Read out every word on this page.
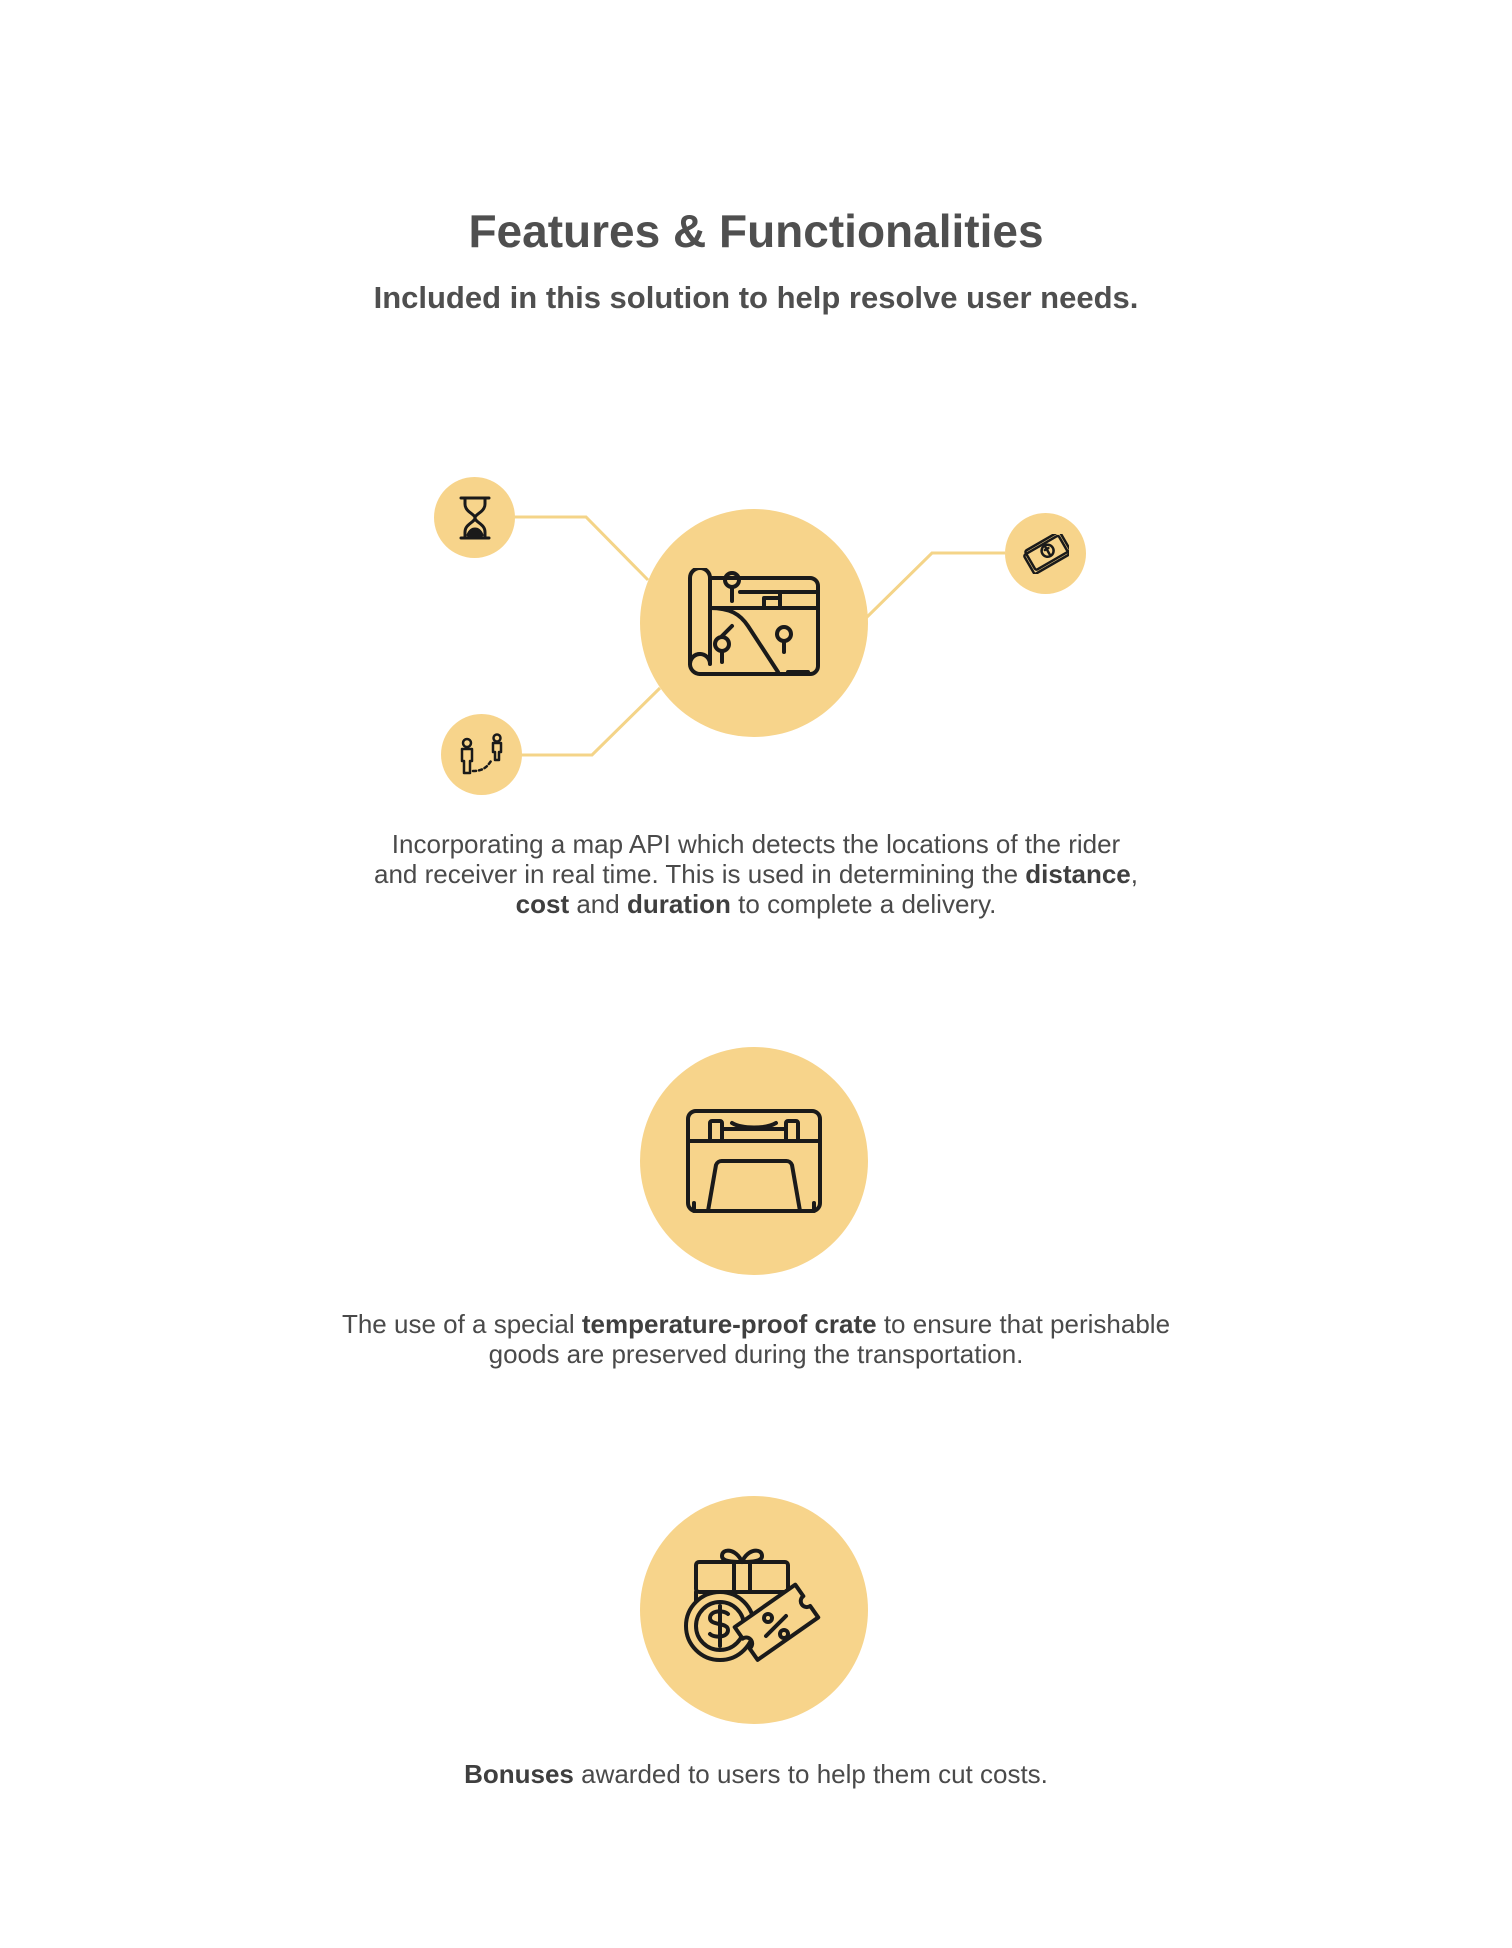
Features & Functionalities
Included in this solution to help resolve user needs.

Incorporating a map API which detects the locations of the rider

and receiver in real time. This is used in determining the distance,

cost and duration to complete a delivery.

The use of a special temperature-proof crate to ensure that perishable

goods are preserved during the transportation.

Bonuses awarded to users to help them cut costs.
